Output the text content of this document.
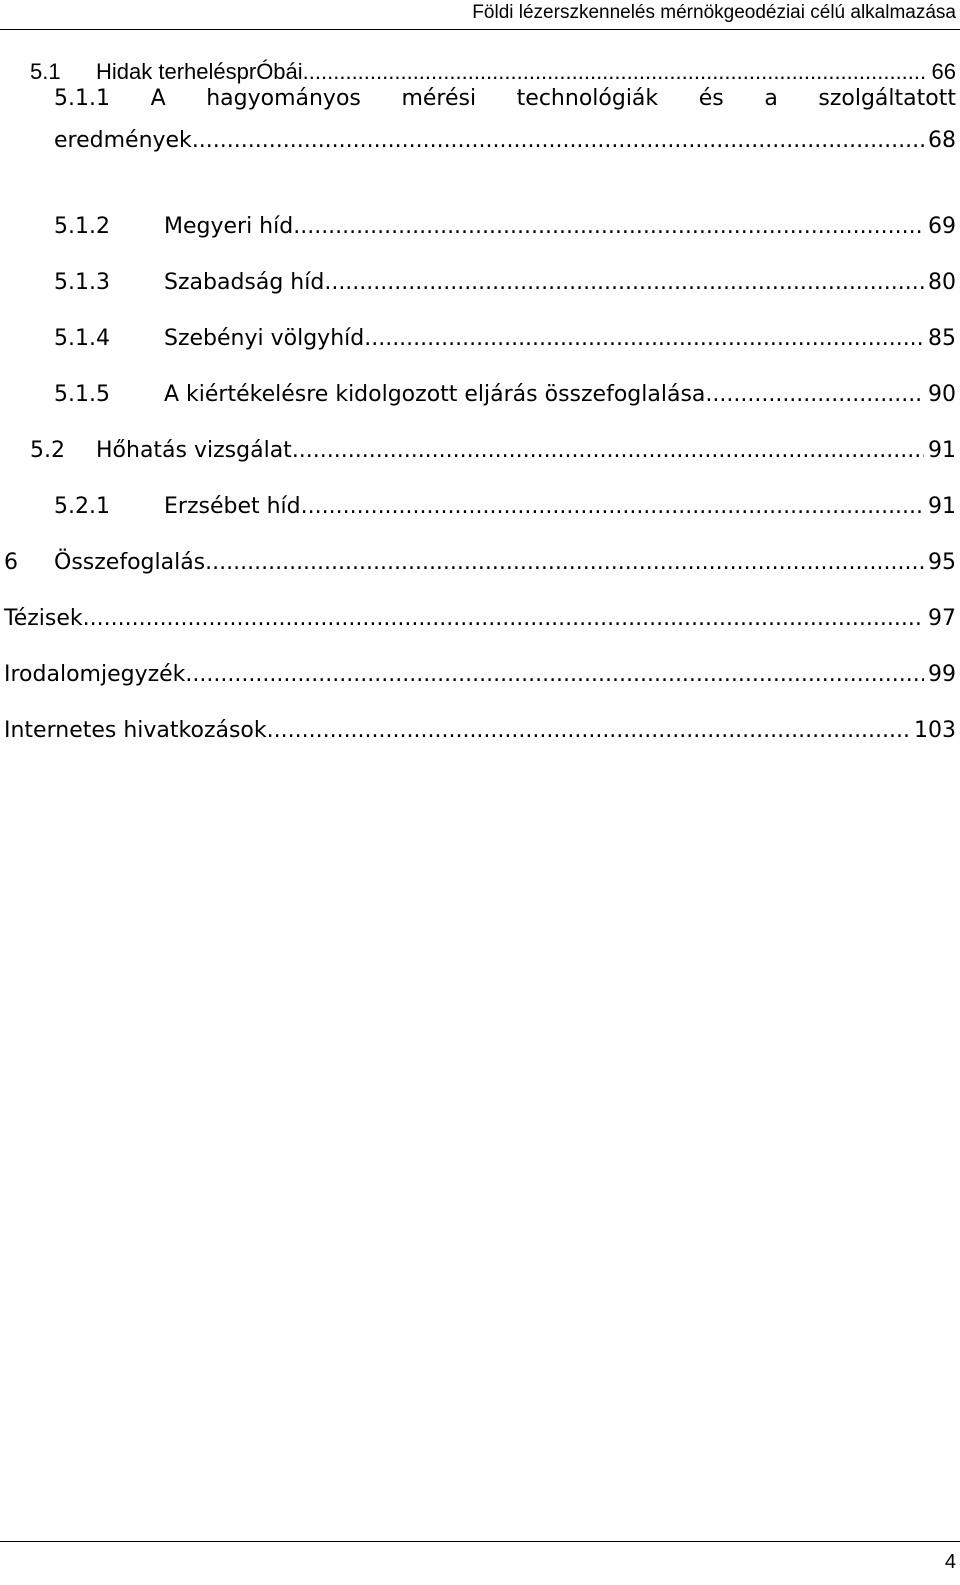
Földi lézerszkennelés mérnökgeodéziai célú alkalmazása
5.1 Hidak terhelésprÓbái .....	66
5.1.1 A hagyományos mérési technológiák és a szolgáltatott
eredmények .....	68
5.1.2 Megyeri híd .....	69
5.1.3 Szabadság híd .....	80
5.1.4 Szebényi völgyhíd .....	85
5.1.5 A kiértékelésre kidolgozott eljárás összefoglalása .....	90
5.2 Hőhatás vizsgálat .....	91
5.2.1 Erzsébet híd .....	91
6 Összefoglalás .....	95
Tézisek .....	97
Irodalomjegyzék .....	99
Internetes hivatkozások .....	103
4
